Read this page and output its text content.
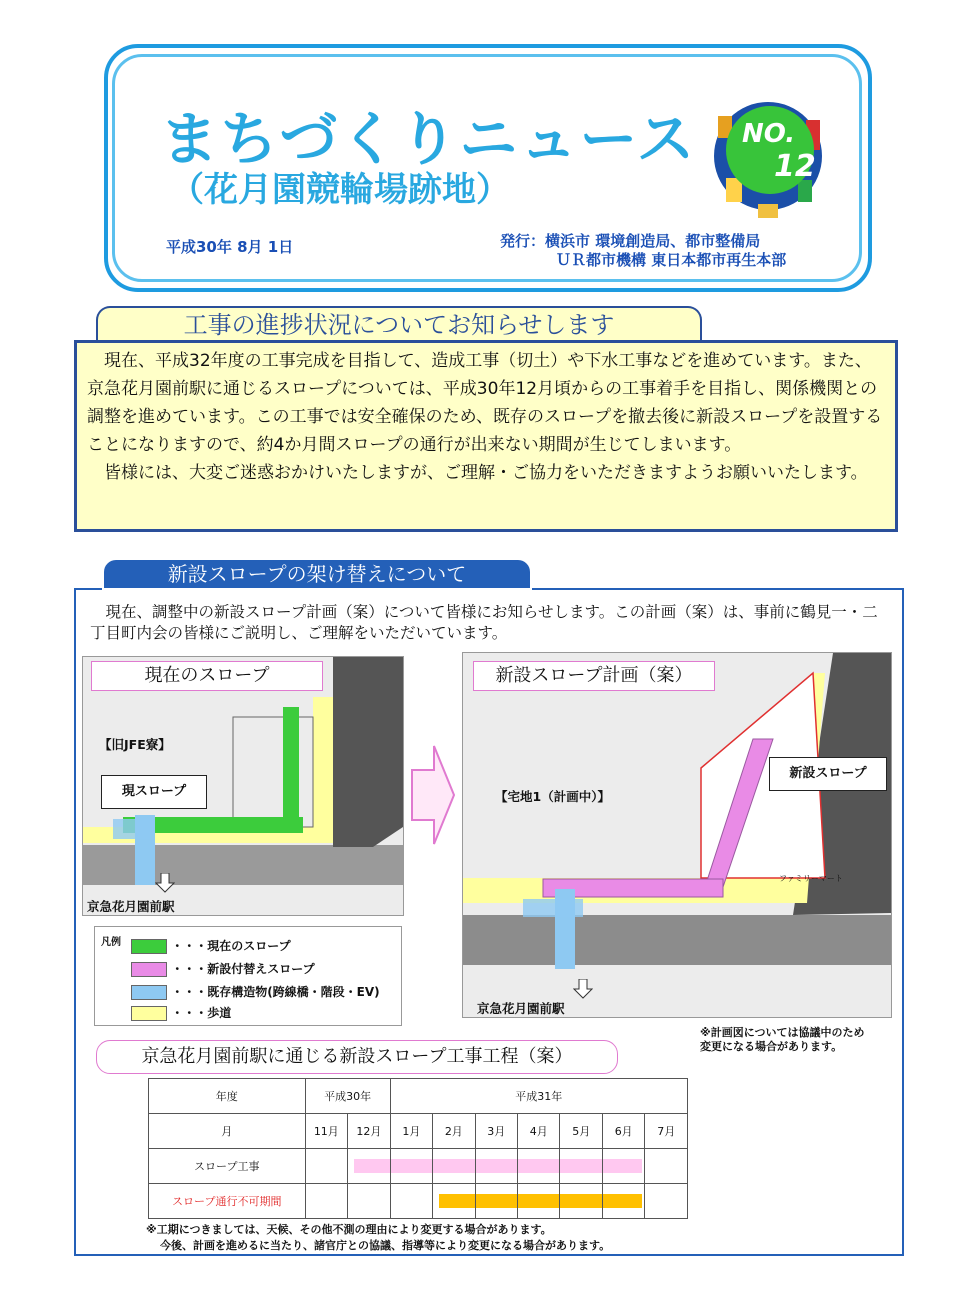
まちづくりニュース
（花月園競輪場跡地）
平成30年 8月 1日	発行：横浜市 環境創造局、都市整備局
ＵＲ都市機構 東日本都市再生本部
NO.
12
工事の進捗状況についてお知らせします

　現在、平成32年度の工事完成を目指して、造成工事（切土）や下水工事などを進めています。また、京急花月園前駅に通じるスロープについては、平成30年12月頃からの工事着手を目指し、関係機関との調整を進めています。この工事では安全確保のため、既存のスロープを撤去後に新設スロープを設置することになりますので、約4か月間スロープの通行が出来ない期間が生じてしまいます。

　皆様には、大変ご迷惑おかけいたしますが、ご理解・ご協力をいただきますようお願いいたします。

新設スロープの架け替えについて
　現在、調整中の新設スロープ計画（案）について皆様にお知らせします。この計画（案）は、事前に鶴見一・二丁目町内会の皆様にご説明し、ご理解をいただいています。
現在のスロープ
【旧JFE寮】
現スロープ
京急花月園前駅
新設スロープ計画（案）
【宅地1（計画中）】
新設スロープ
ファミリーマート
京急花月園前駅
凡例	・・・現在のスロープ
・・・新設付替えスロープ
・・・既存構造物(跨線橋・階段・EV)
・・・歩道
※計画図については協議中のため
変更になる場合があります。
京急花月園前駅に通じる新設スロープ工事工程（案）
年度	平成30年		平成31年						
月	11月	12月	1月	2月	3月	4月	5月	6月	7月
スロープ工事		

スロープ通行不可期間				

※工期につきましては、天候、その他不測の理由により変更する場合があります。
今後、計画を進めるに当たり、諸官庁との協議、指導等により変更になる場合があります。
